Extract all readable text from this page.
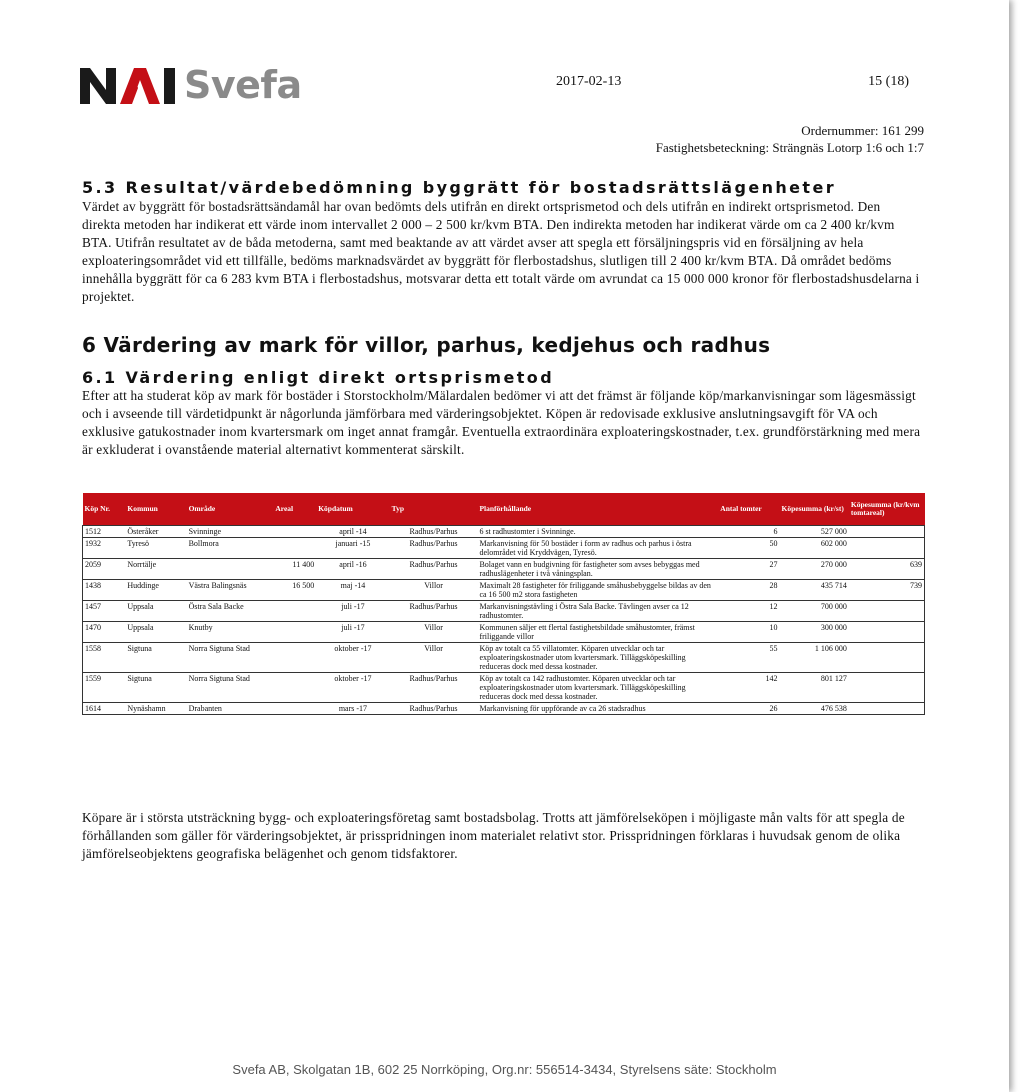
Svefa	2017-02-13	15 (18)
Ordernummer: 161 299
Fastighetsbeteckning: Strängnäs Lotorp 1:6 och 1:7
5.3 Resultat/värdebedömning byggrätt för bostadsrättslägenheter

Värdet av byggrätt för bostadsrättsändamål har ovan bedömts dels utifrån en direkt ortsprismetod och dels utifrån en indirekt ortsprismetod. Den direkta metoden har indikerat ett värde inom intervallet 2 000 – 2 500 kr/kvm BTA. Den indirekta metoden har indikerat värde om ca 2 400 kr/kvm BTA. Utifrån resultatet av de båda metoderna, samt med beaktande av att värdet avser att spegla ett försäljningspris vid en försäljning av hela exploateringsområdet vid ett tillfälle, bedöms marknadsvärdet av byggrätt för flerbostadshus, slutligen till 2 400 kr/kvm BTA. Då området bedöms innehålla byggrätt för ca 6 283 kvm BTA i flerbostadshus, motsvarar detta ett totalt värde om avrundat ca 15 000 000 kronor för flerbostadshusdelarna i projektet.

6 Värdering av mark för villor, parhus, kedjehus och radhus
6.1 Värdering enligt direkt ortsprismetod

Efter att ha studerat köp av mark för bostäder i Storstockholm/Mälardalen bedömer vi att det främst är följande köp/markanvisningar som lägesmässigt och i avseende till värdetidpunkt är någorlunda jämförbara med värderingsobjektet. Köpen är redovisade exklusive anslutningsavgift för VA och exklusive gatukostnader inom kvartersmark om inget annat framgår. Eventuella extraordinära exploateringskostnader, t.ex. grundförstärkning med mera är exkluderat i ovanstående material alternativt kommenterat särskilt.

Köp Nr.	Kommun	Område	Areal	Köpdatum	Typ	Planförhållande	Antal tomter	Köpesumma (kr/st)	Köpesumma (kr/kvm tomtareal)
1512	Österåker	Svinninge		april -14	Radhus/Parhus	6 st radhustomter i Svinninge.	6	527 000	
1932	Tyresö	Bollmora		januari -15	Radhus/Parhus	Markanvisning för 50 bostäder i form av radhus och parhus i östra delområdet vid Kryddvägen, Tyresö.	50	602 000	
2059	Norrtälje		11 400	april -16	Radhus/Parhus	Bolaget vann en budgivning för fastigheter som avses bebyggas med radhuslägenheter i två våningsplan.	27	270 000	639
1438	Huddinge	Västra Balingsnäs	16 500	maj -14	Villor	Maximalt 28 fastigheter för friliggande småhusbebyggelse bildas av den ca 16 500 m2 stora fastigheten	28	435 714	739
1457	Uppsala	Östra Sala Backe		juli -17	Radhus/Parhus	Markanvisningstävling i Östra Sala Backe. Tävlingen avser ca 12 radhustomter.	12	700 000	
1470	Uppsala	Knutby		juli -17	Villor	Kommunen säljer ett flertal fastighetsbildade småhustomter, främst friliggande villor	10	300 000	
1558	Sigtuna	Norra Sigtuna Stad		oktober -17	Villor	Köp av totalt ca 55 villatomter. Köparen utvecklar och tar exploateringskostnader utom kvartersmark. Tilläggsköpeskilling reduceras dock med dessa kostnader.	55	1 106 000	
1559	Sigtuna	Norra Sigtuna Stad		oktober -17	Radhus/Parhus	Köp av totalt ca 142 radhustomter. Köparen utvecklar och tar exploateringskostnader utom kvartersmark. Tilläggsköpeskilling reduceras dock med dessa kostnader.	142	801 127	
1614	Nynäshamn	Drabanten		mars -17	Radhus/Parhus	Markanvisning för uppförande av ca 26 stadsradhus	26	476 538	

Köpare är i största utsträckning bygg- och exploateringsföretag samt bostadsbolag. Trotts att jämförelseköpen i möjligaste mån valts för att spegla de förhållanden som gäller för värderingsobjektet, är prisspridningen inom materialet relativt stor. Prisspridningen förklaras i huvudsak genom de olika jämförelseobjektens geografiska belägenhet och genom tidsfaktorer.

Svefa AB, Skolgatan 1B, 602 25 Norrköping, Org.nr: 556514-3434, Styrelsens säte: Stockholm
